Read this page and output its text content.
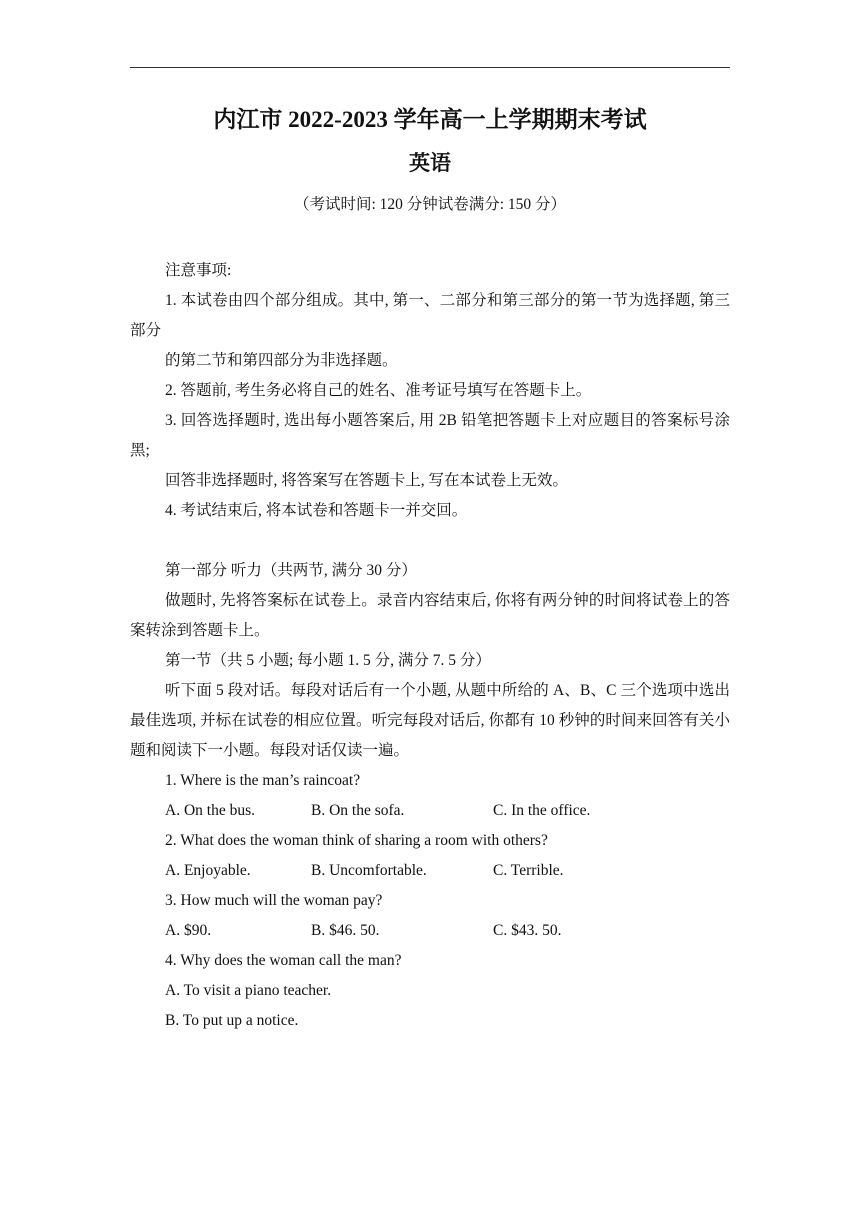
内江市 2022-2023 学年高一上学期期末考试
英语
（考试时间: 120 分钟试卷满分: 150 分）
注意事项:
1. 本试卷由四个部分组成。其中, 第一、二部分和第三部分的第一节为选择题, 第三部分
的第二节和第四部分为非选择题。
2. 答题前, 考生务必将自己的姓名、准考证号填写在答题卡上。
3. 回答选择题时, 选出每小题答案后, 用 2B 铅笔把答题卡上对应题目的答案标号涂黑;
回答非选择题时, 将答案写在答题卡上, 写在本试卷上无效。
4. 考试结束后, 将本试卷和答题卡一并交回。
第一部分 听力（共两节, 满分 30 分）
做题时, 先将答案标在试卷上。录音内容结束后, 你将有两分钟的时间将试卷上的答案转涂到答题卡上。
第一节（共 5 小题; 每小题 1. 5 分, 满分 7. 5 分）
听下面 5 段对话。每段对话后有一个小题, 从题中所给的 A、B、C 三个选项中选出最佳选项, 并标在试卷的相应位置。听完每段对话后, 你都有 10 秒钟的时间来回答有关小题和阅读下一小题。每段对话仅读一遍。
1. Where is the man’s raincoat?
A. On the bus.	B. On the sofa.	C. In the office.
2. What does the woman think of sharing a room with others?
A. Enjoyable.	B. Uncomfortable.	C. Terrible.
3. How much will the woman pay?
A. $90.	B. $46. 50.	C. $43. 50.
4. Why does the woman call the man?
A. To visit a piano teacher.
B. To put up a notice.
